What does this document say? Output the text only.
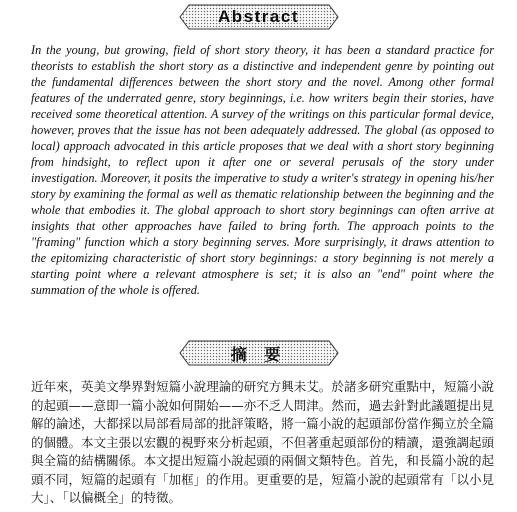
Abstract

In the young, but growing, field of short story theory, it has been a standard practice for theorists to establish the short story as a distinctive and independent genre by pointing out the fundamental differences between the short story and the novel. Among other formal features of the underrated genre, story beginnings, i.e. how writers begin their stories, have received some theoretical attention. A survey of the writings on this particular formal device, however, proves that the issue has not been adequately addressed. The global (as opposed to local) approach advocated in this article proposes that we deal with a short story beginning from hindsight, to reflect upon it after one or several perusals of the story under investigation. Moreover, it posits the imperative to study a writer's strategy in opening his/her story by examining the formal as well as thematic relationship between the beginning and the whole that embodies it. The global approach to short story beginnings can often arrive at insights that other approaches have failed to bring forth. The approach points to the "framing" function which a story beginning serves. More surprisingly, it draws attention to the epitomizing characteristic of short story beginnings: a story beginning is not merely a starting point where a relevant atmosphere is set; it is also an "end" point where the summation of the whole is offered.

摘 要

近年來，英美文學界對短篇小說理論的研究方興未艾。於諸多研究重點中，短篇小說的起頭——意即一篇小說如何開始——亦不乏人問津。然而，過去針對此議題提出見解的論述，大都採以局部看局部的批評策略，將一篇小說的起頭部份當作獨立於全篇的個體。本文主張以宏觀的視野來分析起頭，不但著重起頭部份的精讀，還強調起頭與全篇的結構關係。本文提出短篇小說起頭的兩個文類特色。首先，和長篇小說的起頭不同，短篇的起頭有「加框」的作用。更重要的是，短篇小說的起頭常有「以小見大」、「以偏概全」的特徵。
